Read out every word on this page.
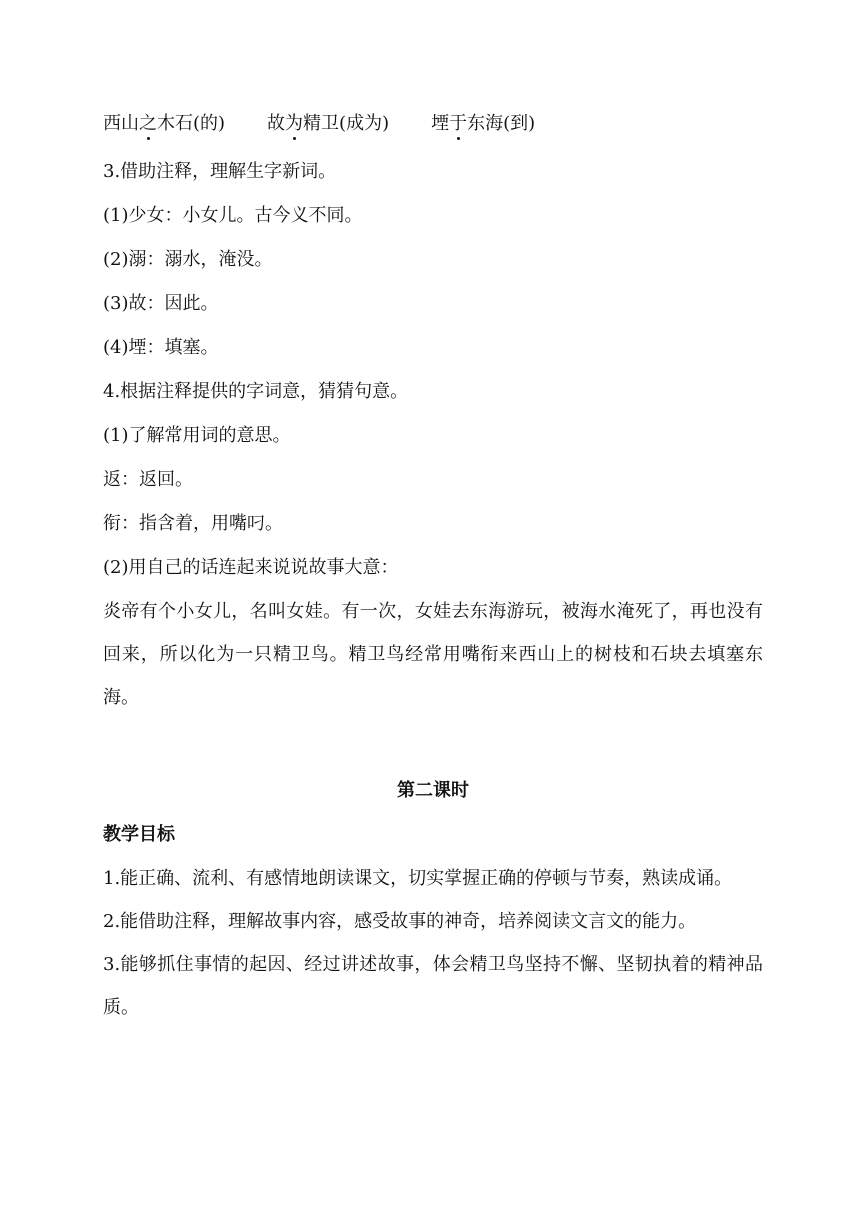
西山之木石(的) 故为精卫(成为) 堙于东海(到)
3.借助注释，理解生字新词。
(1)少女：小女儿。古今义不同。
(2)溺：溺水，淹没。
(3)故：因此。
(4)堙：填塞。
4.根据注释提供的字词意，猜猜句意。
(1)了解常用词的意思。
返：返回。
衔：指含着，用嘴叼。
(2)用自己的话连起来说说故事大意：
炎帝有个小女儿，名叫女娃。有一次，女娃去东海游玩，被海水淹死了，再也没有回来，所以化为一只精卫鸟。精卫鸟经常用嘴衔来西山上的树枝和石块去填塞东海。
第二课时
教学目标
1.能正确、流利、有感情地朗读课文，切实掌握正确的停顿与节奏，熟读成诵。
2.能借助注释，理解故事内容，感受故事的神奇，培养阅读文言文的能力。
3.能够抓住事情的起因、经过讲述故事，体会精卫鸟坚持不懈、坚韧执着的精神品质。
